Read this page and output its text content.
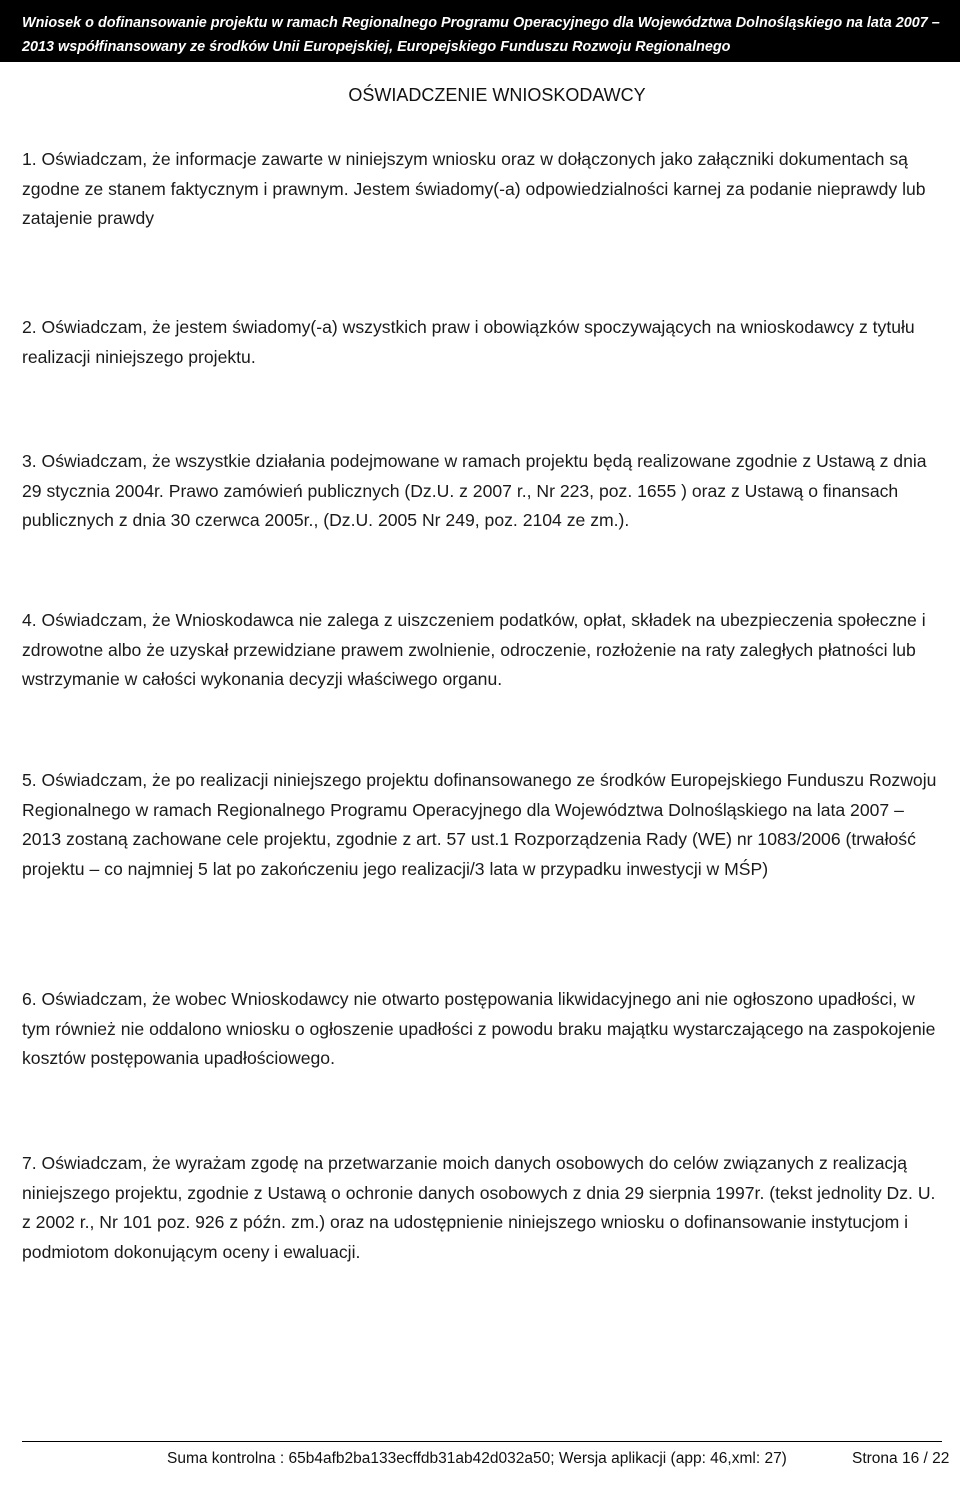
Wniosek o dofinansowanie projektu w ramach Regionalnego Programu Operacyjnego dla Województwa Dolnośląskiego na lata 2007 –
2013 współfinansowany ze środków Unii Europejskiej, Europejskiego Funduszu Rozwoju Regionalnego
OŚWIADCZENIE WNIOSKODAWCY

1. Oświadczam, że informacje zawarte w niniejszym wniosku oraz w dołączonych jako załączniki dokumentach są zgodne ze stanem faktycznym i prawnym. Jestem świadomy(-a) odpowiedzialności karnej za podanie nieprawdy lub zatajenie prawdy

2. Oświadczam, że jestem świadomy(-a) wszystkich praw i obowiązków spoczywających na wnioskodawcy z tytułu realizacji niniejszego projektu.

3. Oświadczam, że wszystkie działania podejmowane w ramach projektu będą realizowane zgodnie z Ustawą z dnia 29 stycznia 2004r. Prawo zamówień publicznych (Dz.U. z 2007 r., Nr 223, poz. 1655 ) oraz z Ustawą o finansach publicznych z dnia 30 czerwca 2005r., (Dz.U. 2005 Nr 249, poz. 2104 ze zm.).

4. Oświadczam, że Wnioskodawca nie zalega z uiszczeniem podatków, opłat, składek na ubezpieczenia społeczne i zdrowotne albo że uzyskał przewidziane prawem zwolnienie, odroczenie, rozłożenie na raty zaległych płatności lub wstrzymanie w całości wykonania decyzji właściwego organu.

5. Oświadczam, że po realizacji niniejszego projektu dofinansowanego ze środków Europejskiego Funduszu Rozwoju Regionalnego w ramach Regionalnego Programu Operacyjnego dla Województwa Dolnośląskiego na lata 2007 – 2013 zostaną zachowane cele projektu, zgodnie z art. 57 ust.1 Rozporządzenia Rady (WE) nr 1083/2006 (trwałość projektu – co najmniej 5 lat po zakończeniu jego realizacji/3 lata w przypadku inwestycji w MŚP)

6. Oświadczam, że wobec Wnioskodawcy nie otwarto postępowania likwidacyjnego ani nie ogłoszono upadłości, w tym również nie oddalono wniosku o ogłoszenie upadłości z powodu braku majątku wystarczającego na zaspokojenie kosztów postępowania upadłościowego.

7. Oświadczam, że wyrażam zgodę na przetwarzanie moich danych osobowych do celów związanych z realizacją niniejszego projektu, zgodnie z Ustawą o ochronie danych osobowych z dnia 29 sierpnia 1997r. (tekst jednolity Dz. U. z 2002 r., Nr 101 poz. 926 z późn. zm.) oraz na udostępnienie niniejszego wniosku o dofinansowanie instytucjom i podmiotom dokonującym oceny i ewaluacji.

Suma kontrolna : 65b4afb2ba133ecffdb31ab42d032a50; Wersja aplikacji (app: 46,xml: 27)	Strona 16 / 22
